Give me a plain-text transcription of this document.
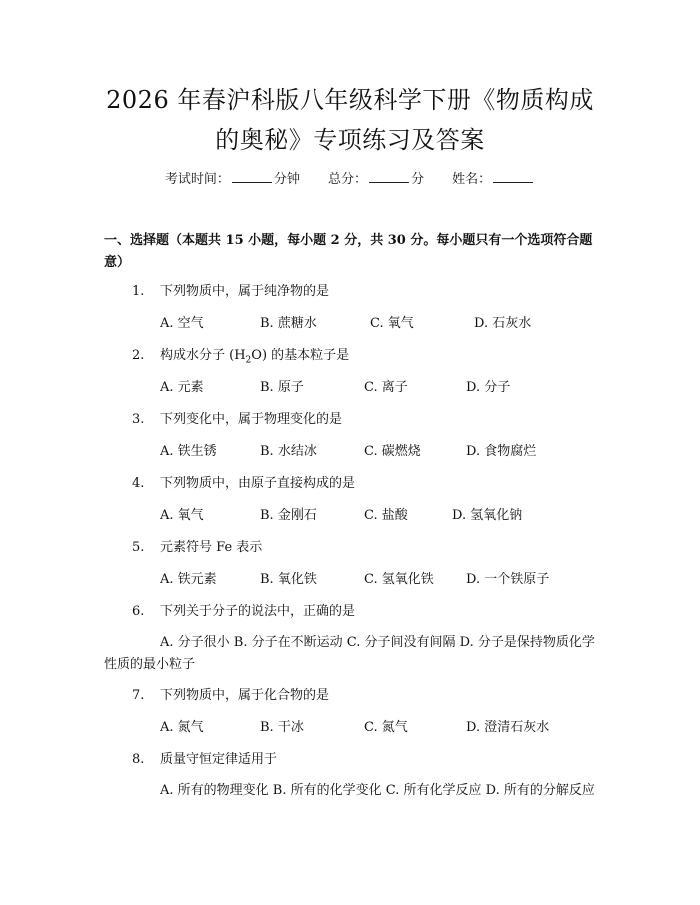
2026 年春沪科版八年级科学下册《物质构成
的奥秘》专项练习及答案
考试时间：	分钟 总分：	分 姓名：
一、选择题（本题共 15 小题，每小题 2 分，共 30 分。每小题只有一个选项符合题意）
1. 下列物质中，属于纯净物的是
A. 空气	B. 蔗糖水	C. 氧气	D. 石灰水
2. 构成水分子 $(H_2O)$ 的基本粒子是
A. 元素	B. 原子	C. 离子	D. 分子
3. 下列变化中，属于物理变化的是
A. 铁生锈	B. 水结冰	C. 碳燃烧	D. 食物腐烂
4. 下列物质中，由原子直接构成的是
A. 氧气	B. 金刚石	C. 盐酸	D. 氢氧化钠
5. 元素符号 Fe 表示
A. 铁元素	B. 氧化铁	C. 氢氧化铁 D. 一个铁原子
6. 下列关于分子的说法中，正确的是
A. 分子很小 B. 分子在不断运动 C. 分子间没有间隔 D. 分子是保持物质化学性质的最小粒子
7. 下列物质中，属于化合物的是
A. 氮气	B. 干冰	C. 氮气	D. 澄清石灰水
8. 质量守恒定律适用于
A. 所有的物理变化 B. 所有的化学变化 C. 所有化学反应 D. 所有的分解反应
